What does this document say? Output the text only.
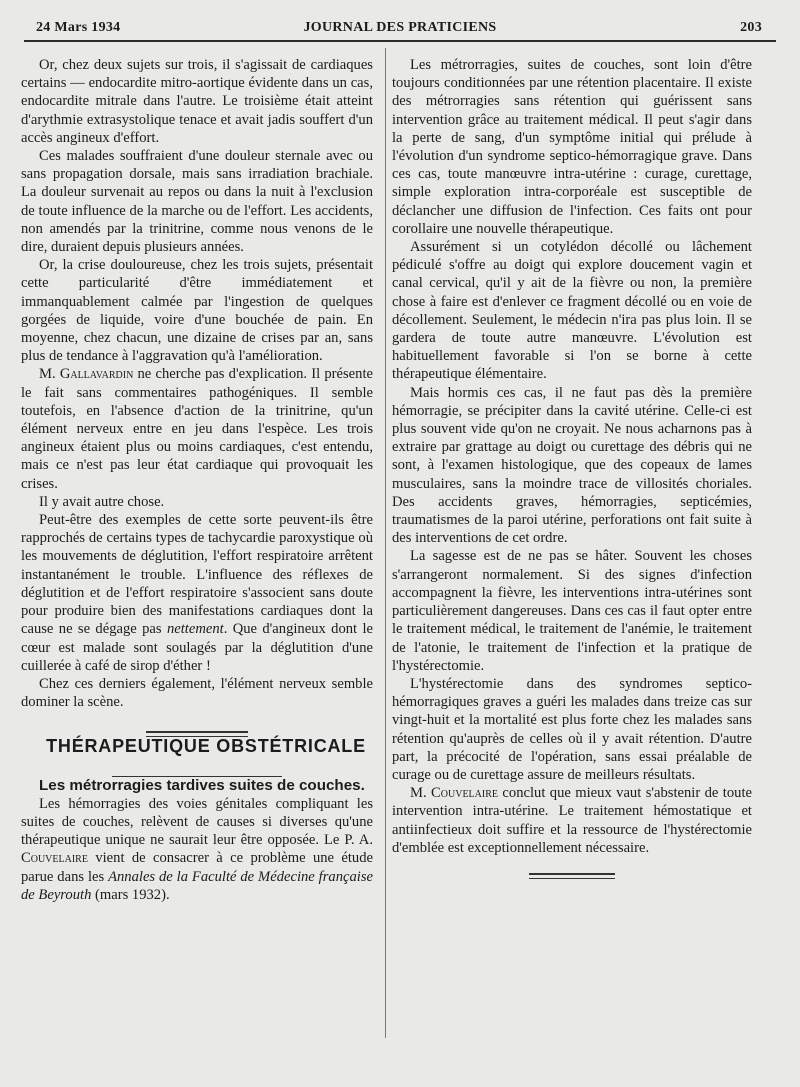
24 Mars 1934	JOURNAL DES PRATICIENS	203

Or, chez deux sujets sur trois, il s'agissait de cardiaques certains — endocardite mitro-aortique évidente dans un cas, endocardite mitrale dans l'autre. Le troisième était atteint d'arythmie extrasystolique tenace et avait jadis souffert d'un accès angineux d'effort.

Ces malades souffraient d'une douleur sternale avec ou sans propagation dorsale, mais sans irradiation brachiale. La douleur survenait au repos ou dans la nuit à l'exclusion de toute influence de la marche ou de l'effort. Les accidents, non amendés par la trinitrine, comme nous venons de le dire, duraient depuis plusieurs années.

Or, la crise douloureuse, chez les trois sujets, présentait cette particularité d'être immédiatement et immanquablement calmée par l'ingestion de quelques gorgées de liquide, voire d'une bouchée de pain. En moyenne, chez chacun, une dizaine de crises par an, sans plus de tendance à l'aggravation qu'à l'amélioration.

M. Gallavardin ne cherche pas d'explication. Il présente le fait sans commentaires pathogéniques. Il semble toutefois, en l'absence d'action de la trinitrine, qu'un élément nerveux entre en jeu dans l'espèce. Les trois angineux étaient plus ou moins cardiaques, c'est entendu, mais ce n'est pas leur état cardiaque qui provoquait les crises.

Il y avait autre chose.

Peut-être des exemples de cette sorte peuvent-ils être rapprochés de certains types de tachycardie paroxystique où les mouvements de déglutition, l'effort respiratoire arrêtent instantanément le trouble. L'influence des réflexes de déglutition et de l'effort respiratoire s'associent sans doute pour produire bien des manifestations cardiaques dont la cause ne se dégage pas nettement. Que d'angineux dont le cœur est malade sont soulagés par la déglutition d'une cuillerée à café de sirop d'éther !

Chez ces derniers également, l'élément nerveux semble dominer la scène.

THÉRAPEUTIQUE OBSTÉTRICALE

Les métrorragies tardives suites de couches.

Les hémorragies des voies génitales compliquant les suites de couches, relèvent de causes si diverses qu'une thérapeutique unique ne saurait leur être opposée. Le P. A. Couvelaire vient de consacrer à ce problème une étude parue dans les Annales de la Faculté de Médecine française de Beyrouth (mars 1932).

Les métrorragies, suites de couches, sont loin d'être toujours conditionnées par une rétention placentaire. Il existe des métrorragies sans rétention qui guérissent sans intervention grâce au traitement médical. Il peut s'agir dans la perte de sang, d'un symptôme initial qui prélude à l'évolution d'un syndrome septico-hémorragique grave. Dans ces cas, toute manœuvre intra-utérine : curage, curettage, simple exploration intra-corporéale est susceptible de déclancher une diffusion de l'infection. Ces faits ont pour corollaire une nouvelle thérapeutique.

Assurément si un cotylédon décollé ou lâchement pédiculé s'offre au doigt qui explore doucement vagin et canal cervical, qu'il y ait de la fièvre ou non, la première chose à faire est d'enlever ce fragment décollé ou en voie de décollement. Seulement, le médecin n'ira pas plus loin. Il se gardera de toute autre manœuvre. L'évolution est habituellement favorable si l'on se borne à cette thérapeutique élémentaire.

Mais hormis ces cas, il ne faut pas dès la première hémorragie, se précipiter dans la cavité utérine. Celle-ci est plus souvent vide qu'on ne croyait. Ne nous acharnons pas à extraire par grattage au doigt ou curettage des débris qui ne sont, à l'examen histologique, que des copeaux de lames musculaires, sans la moindre trace de villosités choriales. Des accidents graves, hémorragies, septicémies, traumatismes de la paroi utérine, perforations ont fait suite à des interventions de cet ordre.

La sagesse est de ne pas se hâter. Souvent les choses s'arrangeront normalement. Si des signes d'infection accompagnent la fièvre, les interventions intra-utérines sont particulièrement dangereuses. Dans ces cas il faut opter entre le traitement médical, le traitement de l'anémie, le traitement de l'atonie, le traitement de l'infection et la pratique de l'hystérectomie.

L'hystérectomie dans des syndromes septico-hémorragiques graves a guéri les malades dans treize cas sur vingt-huit et la mortalité est plus forte chez les malades sans rétention qu'auprès de celles où il y avait rétention. D'autre part, la précocité de l'opération, sans essai préalable de curage ou de curettage assure de meilleurs résultats.

M. Couvelaire conclut que mieux vaut s'abstenir de toute intervention intra-utérine. Le traitement hémostatique et antiinfectieux doit suffire et la ressource de l'hystérectomie d'emblée est exceptionnellement nécessaire.
